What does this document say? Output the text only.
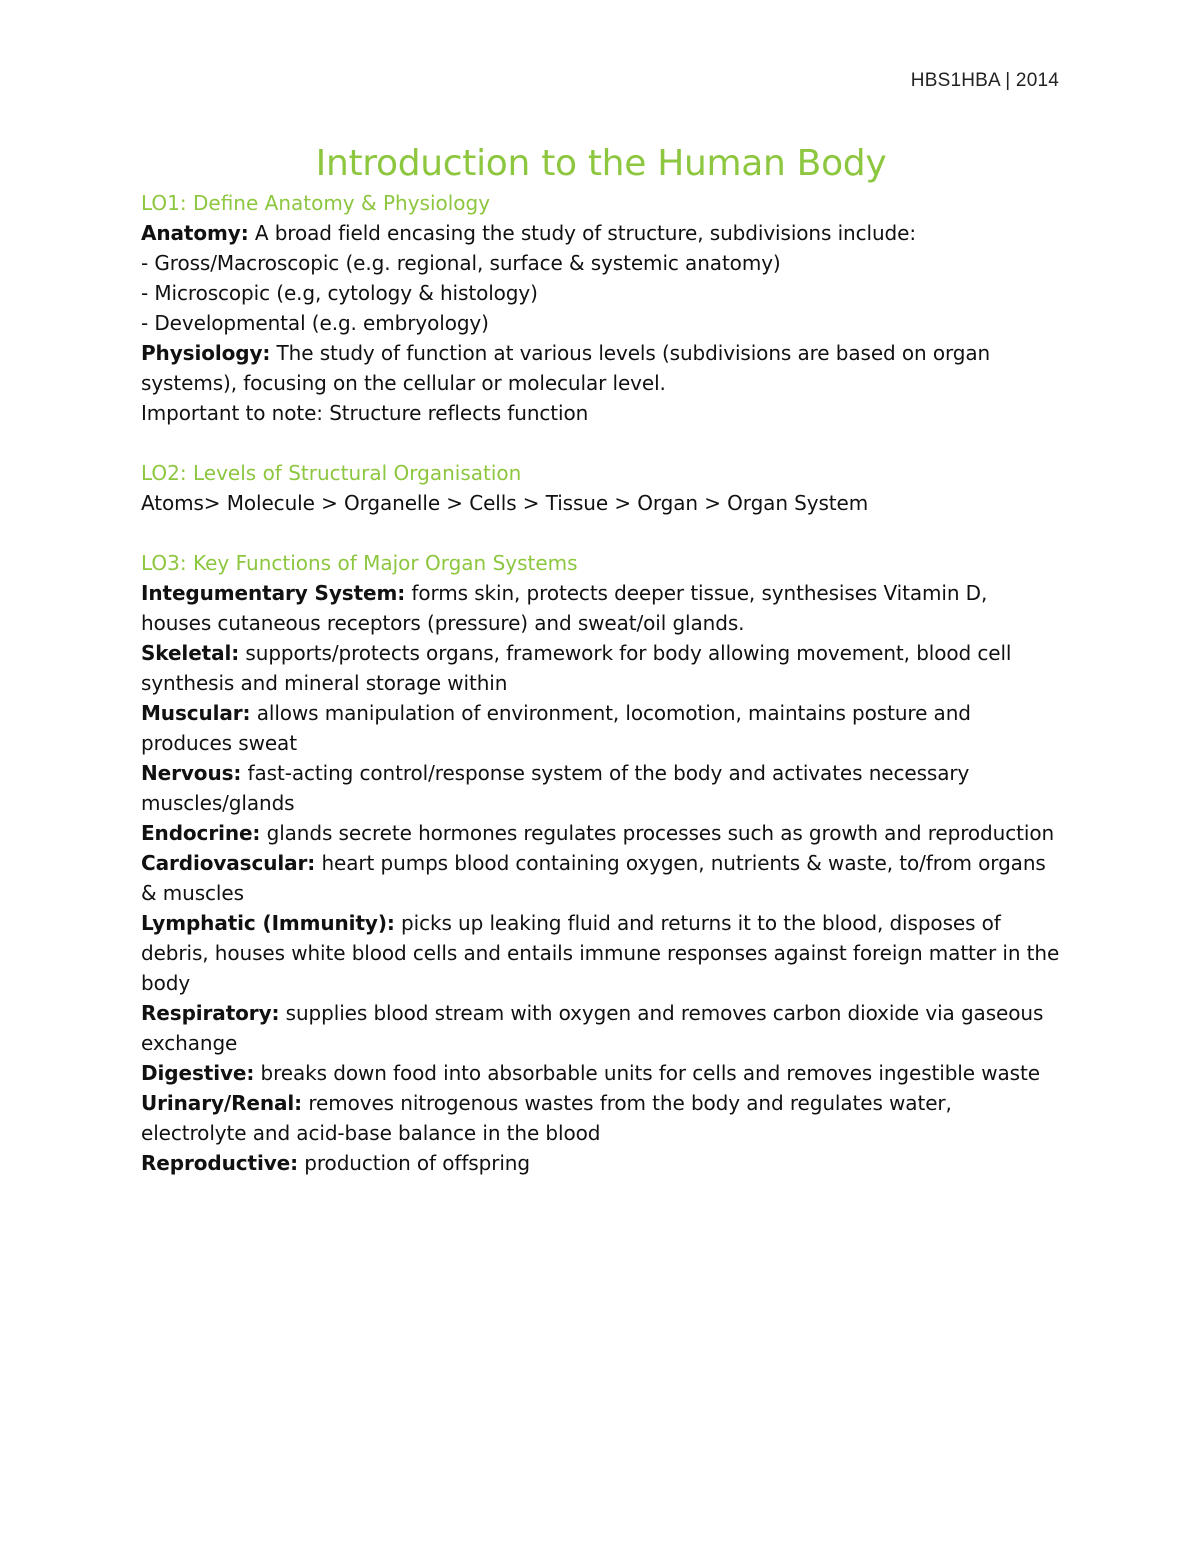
HBS1HBA | 2014
Introduction to the Human Body
LO1: Define Anatomy & Physiology

Anatomy: A broad field encasing the study of structure, subdivisions include:

- Gross/Macroscopic (e.g. regional, surface & systemic anatomy)

- Microscopic (e.g, cytology & histology)

- Developmental (e.g. embryology)

Physiology: The study of function at various levels (subdivisions are based on organ systems), focusing on the cellular or molecular level.

Important to note: Structure reflects function

LO2: Levels of Structural Organisation

Atoms> Molecule > Organelle > Cells > Tissue > Organ > Organ System

LO3: Key Functions of Major Organ Systems

Integumentary System: forms skin, protects deeper tissue, synthesises Vitamin D, houses cutaneous receptors (pressure) and sweat/oil glands.

Skeletal: supports/protects organs, framework for body allowing movement, blood cell synthesis and mineral storage within

Muscular: allows manipulation of environment, locomotion, maintains posture and produces sweat

Nervous: fast-acting control/response system of the body and activates necessary muscles/glands

Endocrine: glands secrete hormones regulates processes such as growth and reproduction

Cardiovascular: heart pumps blood containing oxygen, nutrients & waste, to/from organs & muscles

Lymphatic (Immunity): picks up leaking fluid and returns it to the blood, disposes of debris, houses white blood cells and entails immune responses against foreign matter in the body

Respiratory: supplies blood stream with oxygen and removes carbon dioxide via gaseous exchange

Digestive: breaks down food into absorbable units for cells and removes ingestible waste

Urinary/Renal: removes nitrogenous wastes from the body and regulates water, electrolyte and acid-base balance in the blood

Reproductive: production of offspring
